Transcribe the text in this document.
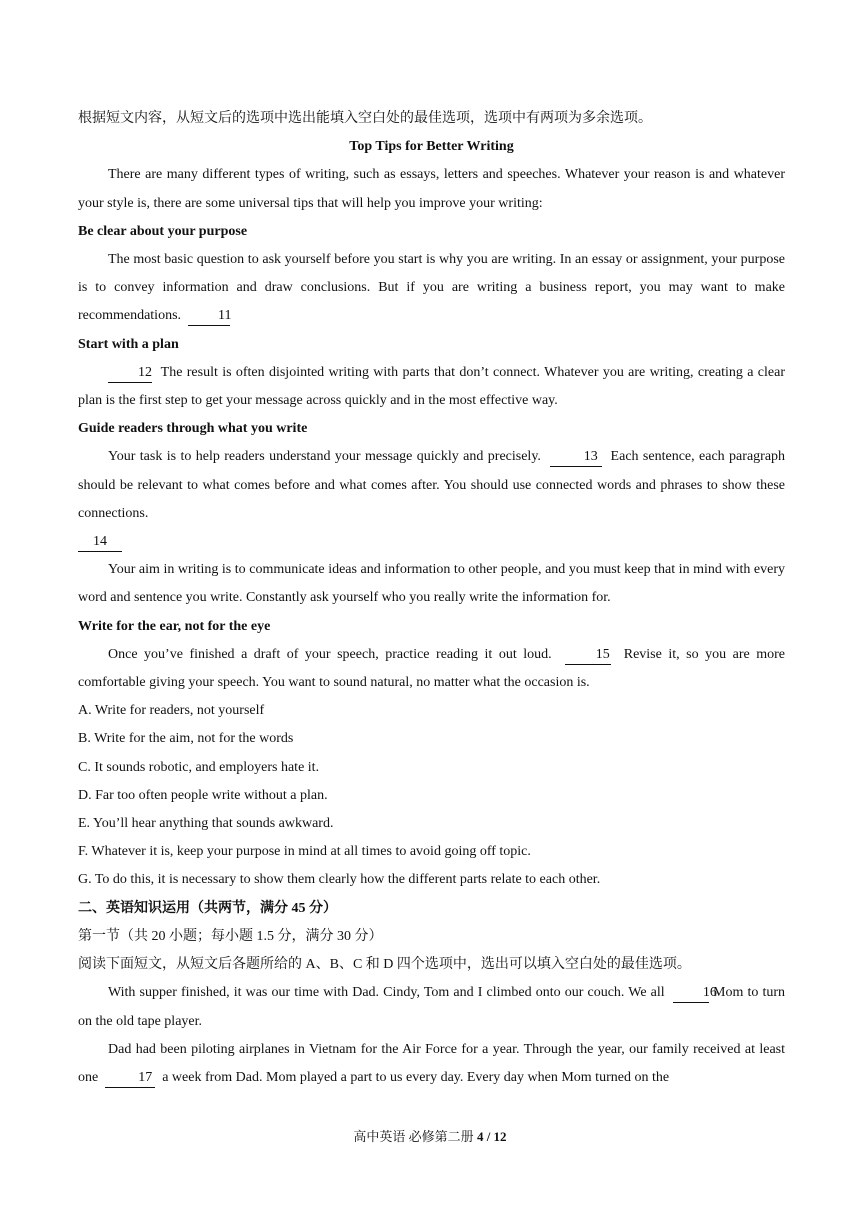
根据短文内容，从短文后的选项中选出能填入空白处的最佳选项，选项中有两项为多余选项。
Top Tips for Better Writing
There are many different types of writing, such as essays, letters and speeches. Whatever your reason is and whatever your style is, there are some universal tips that will help you improve your writing:
Be clear about your purpose
The most basic question to ask yourself before you start is why you are writing. In an essay or assignment, your purpose is to convey information and draw conclusions. But if you are writing a business report, you may want to make recommendations.	11
Start with a plan
12 The result is often disjointed writing with parts that don’t connect. Whatever you are writing, creating a clear plan is the first step to get your message across quickly and in the most effective way.
Guide readers through what you write
Your task is to help readers understand your message quickly and precisely.	13 Each sentence, each paragraph should be relevant to what comes before and what comes after. You should use connected words and phrases to show these connections.
14
Your aim in writing is to communicate ideas and information to other people, and you must keep that in mind with every word and sentence you write. Constantly ask yourself who you really write the information for.
Write for the ear, not for the eye
Once you’ve finished a draft of your speech, practice reading it out loud.	15 Revise it, so you are more comfortable giving your speech. You want to sound natural, no matter what the occasion is.
A. Write for readers, not yourself
B. Write for the aim, not for the words
C. It sounds robotic, and employers hate it.
D. Far too often people write without a plan.
E. You’ll hear anything that sounds awkward.
F. Whatever it is, keep your purpose in mind at all times to avoid going off topic.
G. To do this, it is necessary to show them clearly how the different parts relate to each other.
二、英语知识运用（共两节，满分 45 分）
第一节（共 20 小题；每小题 1.5 分，满分 30 分）
阅读下面短文，从短文后各题所给的 A、B、C 和 D 四个选项中，选出可以填入空白处的最佳选项。
With supper finished, it was our time with Dad. Cindy, Tom and I climbed onto our couch. We all	16 Mom to turn on the old tape player.
Dad had been piloting airplanes in Vietnam for the Air Force for a year. Through the year, our family received at least one	17 a week from Dad. Mom played a part to us every day. Every day when Mom turned on the
高中英语 必修第二册 4 / 12
